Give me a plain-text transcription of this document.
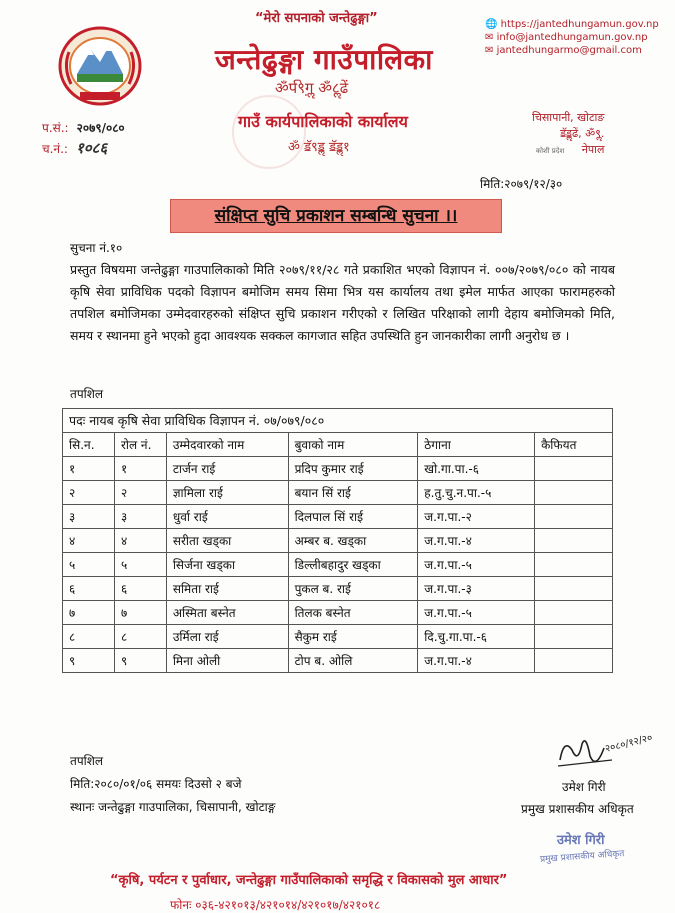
“मेरो सपनाको जन्तेढुङ्गा”
जन्तेढुङ्गा गाउँपालिका
ॐर्प९ेग़ॢ ॐ८ॢढें
गाउँ कार्यपालिकाको कार्यालय
ॐ ॾॅ९ॾॢ ॾॅॾॢ१
🌐 https://jantedhungamun.gov.np
✉ info@jantedhungamun.gov.np
✉ jantedhungarmo@gmail.com
प.सं.: २०७९/०८०
च.नं.: १०८६
चिसापानी, खोटाङ
ॾॅॾॢढें, ॐ९ॢ.
कोशी प्रदेश नेपाल
मिति:२०७९/१२/३०
संक्षिप्त सुचि प्रकाशन सम्बन्धि सुचना ।।
सुचना नं.१०
प्रस्तुत विषयमा जन्तेढुङ्गा गाउपालिकाको मिति २०७९/११/२८ गते प्रकाशित भएको विज्ञापन नं. ००७/२०७९/०८० को नायब कृषि सेवा प्राविधिक पदको विज्ञापन बमोजिम समय सिमा भित्र यस कार्यालय तथा इमेल मार्फत आएका फारामहरुको तपशिल बमोजिमका उम्मेदवारहरुको संक्षिप्त सुचि प्रकाशन गरीएको र लिखित परिक्षाको लागी देहाय बमोजिमको मिति, समय र स्थानमा हुने भएको हुदा आवश्यक सक्कल कागजात सहित उपस्थिति हुन जानकारीका लागी अनुरोध छ ।
तपशिल
पदः नायब कृषि सेवा प्राविधिक विज्ञापन नं. ०७/०७९/०८०					
सि.न.	रोल नं.	उम्मेदवारको नाम	बुवाको नाम	ठेगाना	कैफियत
१	१	टार्जन राई	प्रदिप कुमार राई	खो.गा.पा.-६	
२	२	ज्ञामिला राई	बयान सिं राई	ह.तु.चु.न.पा.-५	
३	३	धुर्वा राई	दिलपाल सिं राई	ज.ग.पा.-२	
४	४	सरीता खड्का	अम्बर ब. खड्का	ज.ग.पा.-४	
५	५	सिर्जना खड्का	डिल्लीबहादुर खड्का	ज.ग.पा.-५	
६	६	समिता राई	पुकल ब. राई	ज.ग.पा.-३	
७	७	अस्मिता बस्नेत	तिलक बस्नेत	ज.ग.पा.-५	
८	८	उर्मिला राई	सैकुम राई	दि.चु.गा.पा.-६	
९	९	मिना ओली	टोप ब. ओलि	ज.ग.पा.-४	
तपशिल
मिति:२०८०/०१/०६ समयः दिउसो २ बजे
स्थानः जन्तेढुङ्गा गाउपालिका, चिसापानी, खोटाङ्ग
२०८०/१२/२०
उमेश गिरी
प्रमुख प्रशासकीय अधिकृत
उमेश गिरी
प्रमुख प्रशासकीय अधिकृत
“कृषि, पर्यटन र पुर्वाधार, जन्तेढुङ्गा गाउँपालिकाको समृद्धि र विकासको मुल आधार”
फोनः ०३६-४२१०१३/४२१०१४/४२१०१७/४२१०१८
